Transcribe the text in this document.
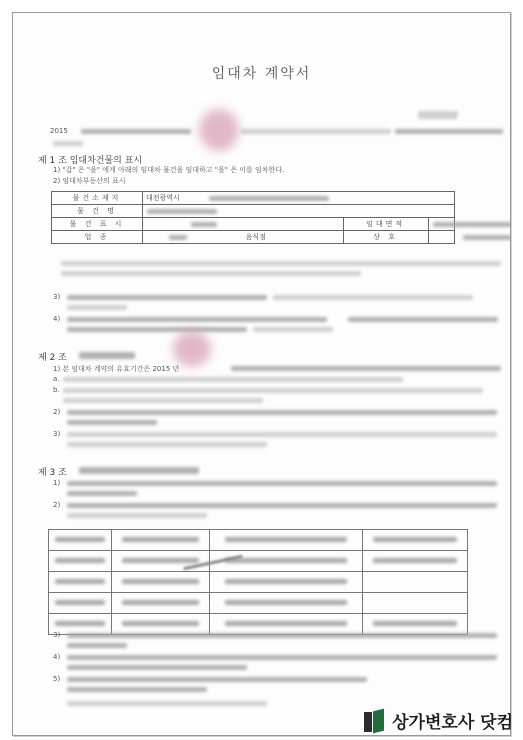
임대차 계약서
2015
제 1 조 임대차건물의 표시
1) "갑" 은 "을" 에게 아래의 임대차 물건을 임대하고 "을" 은 이를 임차한다.
2) 임대차부동산의 표시
물건소재지	대전광역시		

물 건 명			

물 건 표 시		임대면적	

업 종	음식점	상 호	
3)
4)
제 2 조
1) 본 임대차 계약의 유효기간은 2015 년
a.
b.
2)
3)
제 3 조
1)
2)

3)
4)
5)
상가변호사 닷컴
